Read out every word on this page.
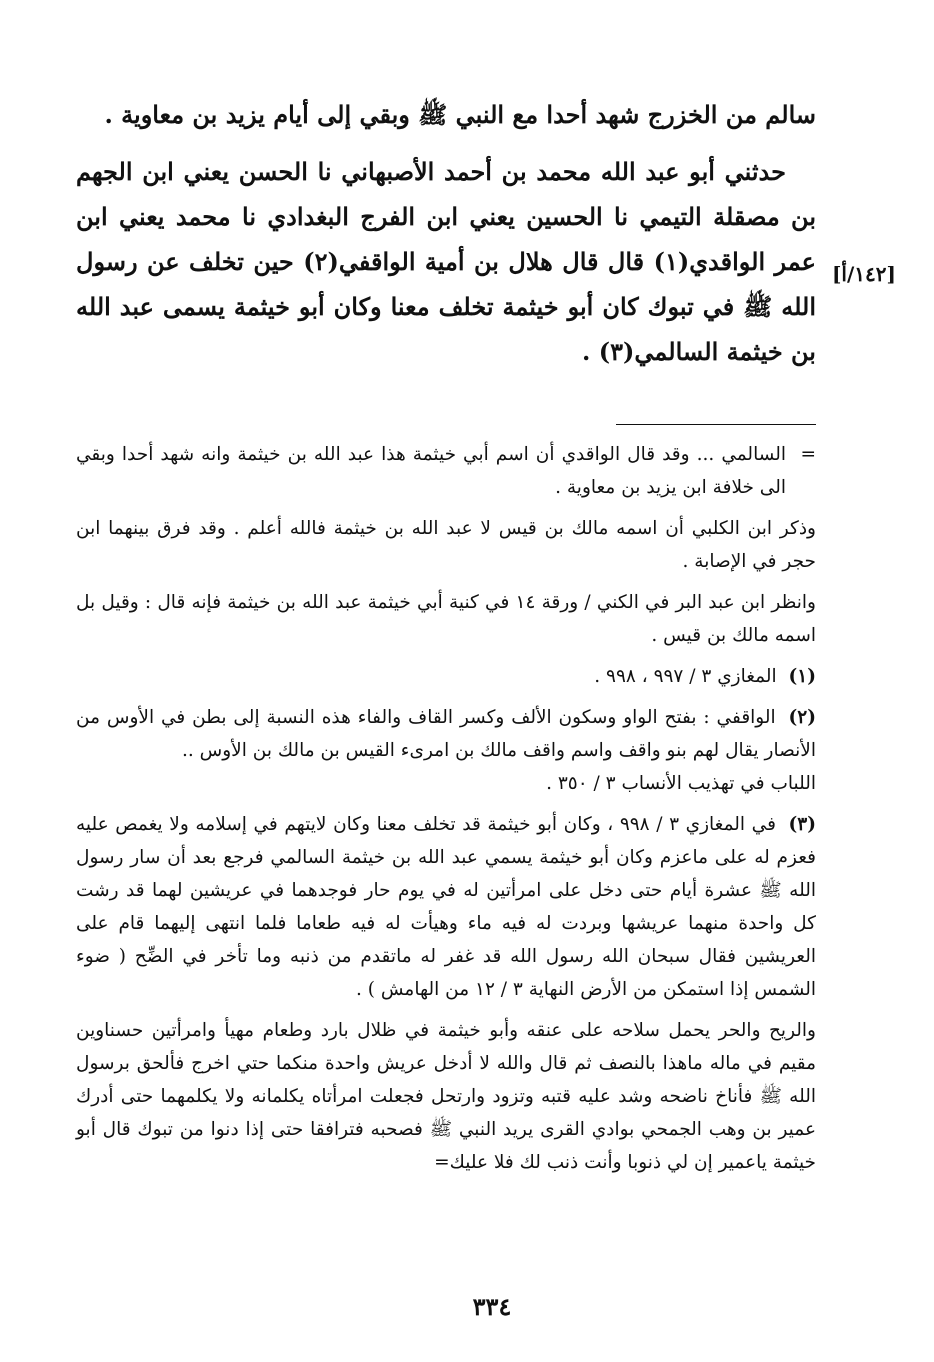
سالم من الخزرج شهد أحدا مع النبي ﷺ وبقي إلى أيام يزيد بن معاوية .

حدثني أبو عبد الله محمد بن أحمد الأصبهاني نا الحسن يعني ابن الجهم بن مصقلة التيمي نا الحسين يعني ابن الفرج البغدادي نا محمد يعني ابن عمر الواقدي(١) قال قال هلال بن أمية الواقفي(٢) حين تخلف عن رسول الله ﷺ في تبوك كان أبو خيثمة تخلف معنا وكان أبو خيثمة يسمى عبد الله بن خيثمة السالمي(٣) .

[١٤٢/أ]

=
السالمي ... وقد قال الواقدي أن اسم أبي خيثمة هذا عبد الله بن خيثمة وانه شهد أحدا وبقي الى خلافة ابن يزيد بن معاوية .

وذكر ابن الكلبي أن اسمه مالك بن قيس لا عبد الله بن خيثمة فالله أعلم . وقد فرق بينهما ابن حجر في الإصابة .

وانظر ابن عبد البر في الكني / ورقة ١٤ في كنية أبي خيثمة عبد الله بن خيثمة فإنه قال : وقيل بل اسمه مالك بن قيس .

(١) المغازي ٣ / ٩٩٧ ، ٩٩٨ .

(٢) الواقفي : بفتح الواو وسكون الألف وكسر القاف والفاء هذه النسبة إلى بطن في الأوس من الأنصار يقال لهم بنو واقف واسم واقف مالك بن امرىء القيس بن مالك بن الأوس ..
اللباب في تهذيب الأنساب ٣ / ٣٥٠ .

(٣) في المغازي ٣ / ٩٩٨ ، وكان أبو خيثمة قد تخلف معنا وكان لايتهم في إسلامه ولا يغمص عليه فعزم له على ماعزم وكان أبو خيثمة يسمي عبد الله بن خيثمة السالمي فرجع بعد أن سار رسول الله ﷺ عشرة أيام حتى دخل على امرأتين له في يوم حار فوجدهما في عريشين لهما قد رشت كل واحدة منهما عريشها وبردت له فيه ماء وهيأت له فيه طعاما فلما انتهى إليهما قام على العريشين فقال سبحان الله رسول الله قد غفر له ماتقدم من ذنبه وما تأخر في الضِّح ( ضوء الشمس إذا استمكن من الأرض النهاية ٣ / ١٢ من الهامش ) .

والريح والحر يحمل سلاحه على عنقه وأبو خيثمة في ظلال بارد وطعام مهيأ وامرأتين حسناوين مقيم في ماله ماهذا بالنصف ثم قال والله لا أدخل عريش واحدة منكما حتي اخرج فألحق برسول الله ﷺ فأناخ ناضحه وشد عليه قتبه وتزود وارتحل فجعلت امرأتاه يكلمانه ولا يكلمهما حتى أدرك عمير بن وهب الجمحي بوادي القرى يريد النبي ﷺ فصحبه فترافقا حتى إذا دنوا من تبوك قال أبو خيثمة ياعمير إن لي ذنوبا وأنت ذنب لك فلا عليك=

٣٣٤
